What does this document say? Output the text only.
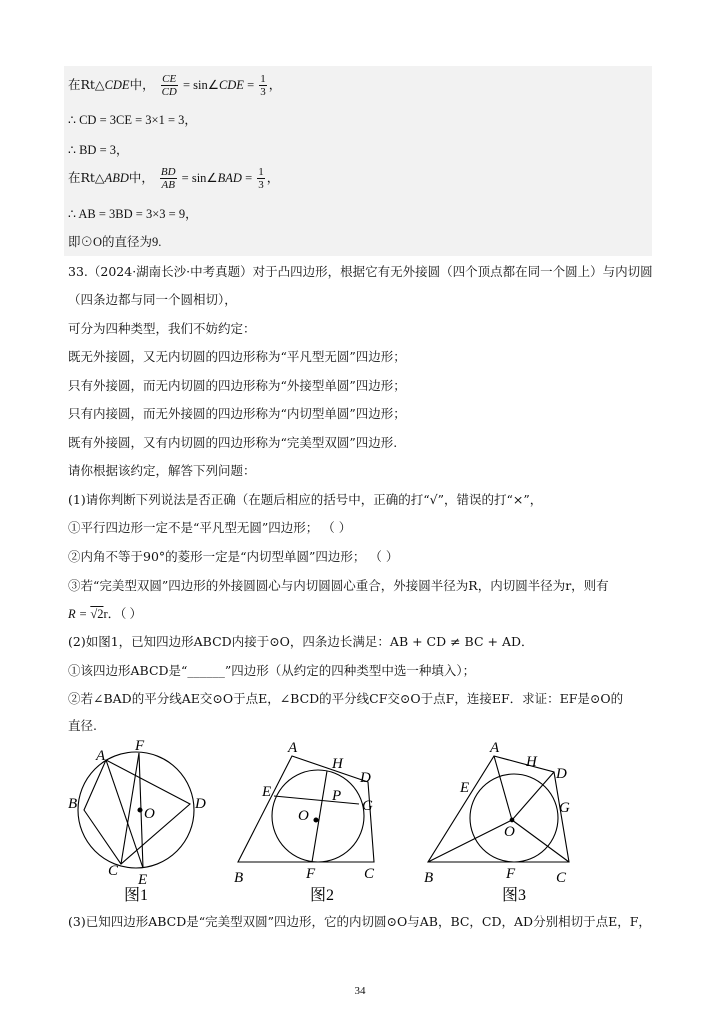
在Rt△CDE中， $\frac{CE}{CD}$ = sin∠CDE = $\frac{1}{3}$ ，
∴ CD = 3CE = 3×1 = 3，
∴ BD = 3，
在Rt△ABD中， $\frac{BD}{AB}$ = sin∠BAD = $\frac{1}{3}$ ，
∴ AB = 3BD = 3×3 = 9，
即⊙O的直径为9.
33.（2024·湖南长沙·中考真题）对于凸四边形，根据它有无外接圆（四个顶点都在同一个圆上）与内切圆
（四条边都与同一个圆相切），
可分为四种类型，我们不妨约定：
既无外接圆，又无内切圆的四边形称为“平凡型无圆”四边形；
只有外接圆，而无内切圆的四边形称为“外接型单圆”四边形；
只有内接圆，而无外接圆的四边形称为“内切型单圆”四边形；
既有外接圆，又有内切圆的四边形称为“完美型双圆”四边形.
请你根据该约定，解答下列问题：
(1)请你判断下列说法是否正确（在题后相应的括号中，正确的打“√”，错误的打“×”，
①平行四边形一定不是“平凡型无圆”四边形； （ ）
②内角不等于90°的菱形一定是“内切型单圆”四边形； （ ）
③若“完美型双圆”四边形的外接圆圆心与内切圆圆心重合，外接圆半径为R，内切圆半径为r，则有
R = √2r．（ ）
(2)如图1，已知四边形ABCD内接于⊙O，四条边长满足：AB + CD ≠ BC + AD．
①该四边形ABCD是“______”四边形（从约定的四种类型中选一种填入）；
②若∠BAD的平分线AE交⊙O于点E，∠BCD的平分线CF交⊙O于点F，连接EF．求证：EF是⊙O的
直径.
A
F
B
O
D
C
E
图1
A
H
D
E	P
G
O
B	F	C
图2
A
H
D
E
G
O
B	F	C
图3
(3)已知四边形ABCD是“完美型双圆”四边形，它的内切圆⊙O与AB，BC，CD，AD分别相切于点E，F，
34
